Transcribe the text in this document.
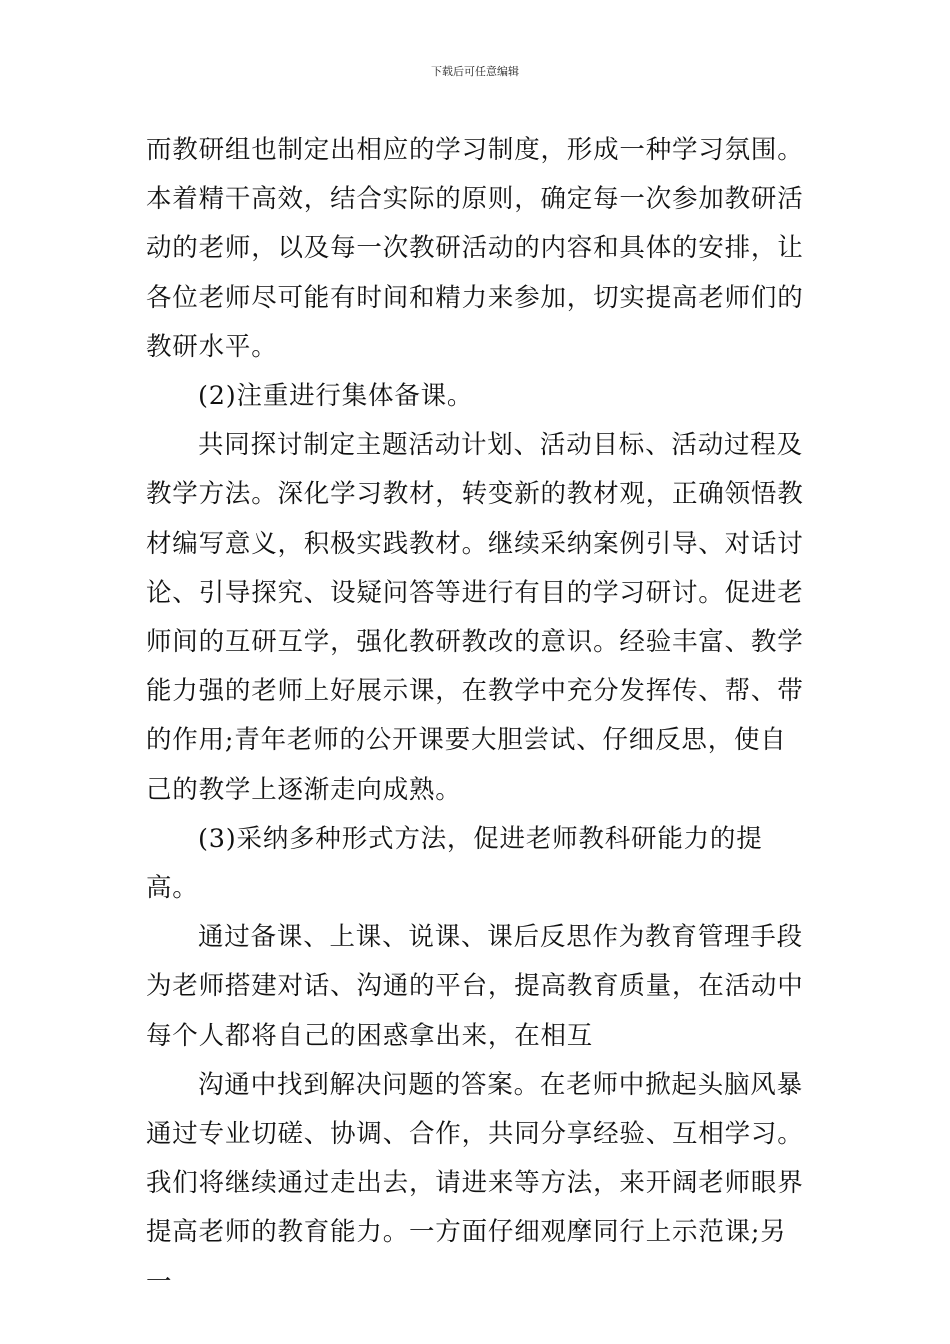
下载后可任意编辑

而教研组也制定出相应的学习制度，形成一种学习氛围。本着精干高效，结合实际的原则，确定每一次参加教研活动的老师，以及每一次教研活动的内容和具体的安排，让各位老师尽可能有时间和精力来参加，切实提高老师们的教研水平。

(2)注重进行集体备课。

共同探讨制定主题活动计划、活动目标、活动过程及教学方法。深化学习教材，转变新的教材观，正确领悟教材编写意义，积极实践教材。继续采纳案例引导、对话讨论、引导探究、设疑问答等进行有目的学习研讨。促进老师间的互研互学，强化教研教改的意识。经验丰富、教学能力强的老师上好展示课，在教学中充分发挥传、帮、带的作用;青年老师的公开课要大胆尝试、仔细反思，使自己的教学上逐渐走向成熟。

(3)采纳多种形式方法，促进老师教科研能力的提高。

通过备课、上课、说课、课后反思作为教育管理手段为老师搭建对话、沟通的平台，提高教育质量，在活动中每个人都将自己的困惑拿出来，在相互

沟通中找到解决问题的答案。在老师中掀起头脑风暴通过专业切磋、协调、合作，共同分享经验、互相学习。我们将继续通过走出去，请进来等方法，来开阔老师眼界提高老师的教育能力。一方面仔细观摩同行上示范课;另一
